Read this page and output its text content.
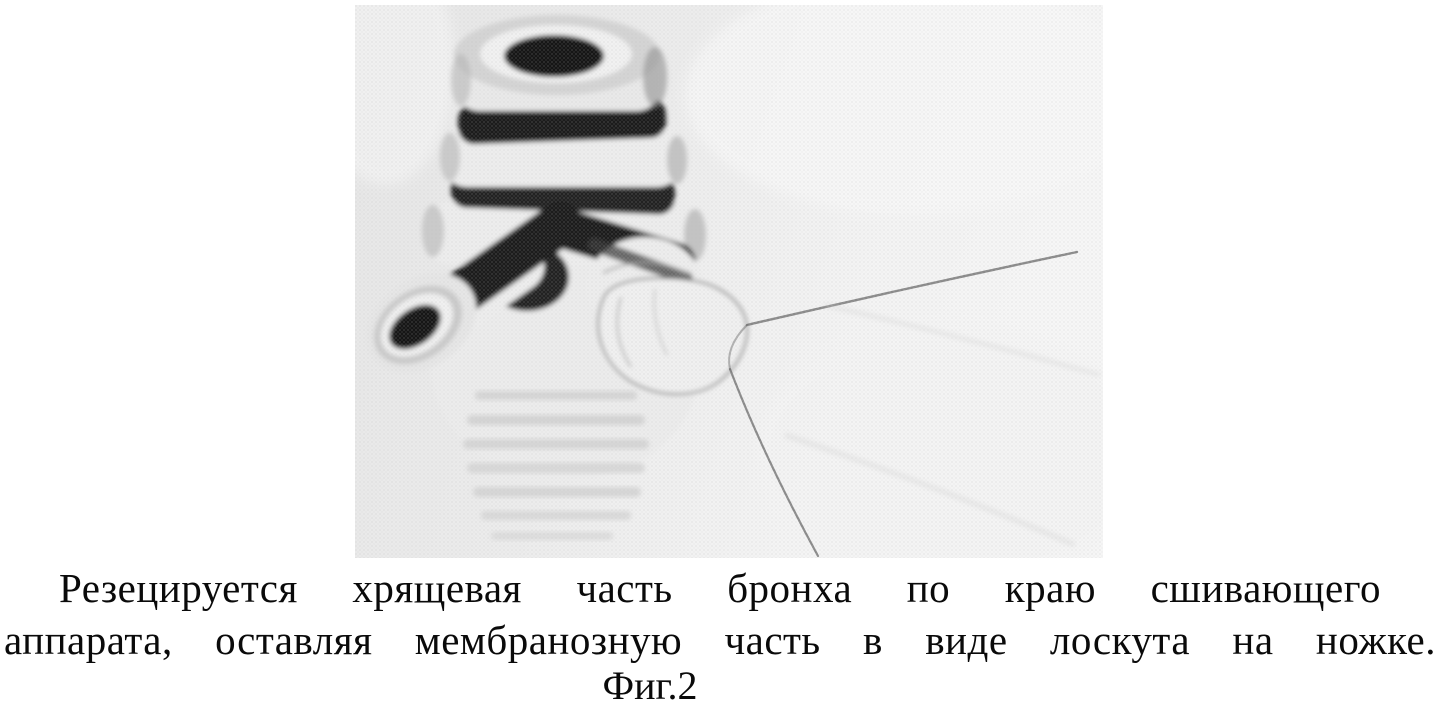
Резецируется хрящевая часть бронха по краю сшивающего
аппарата, оставляя мембранозную часть в виде лоскута на ножке.
Фиг.2
